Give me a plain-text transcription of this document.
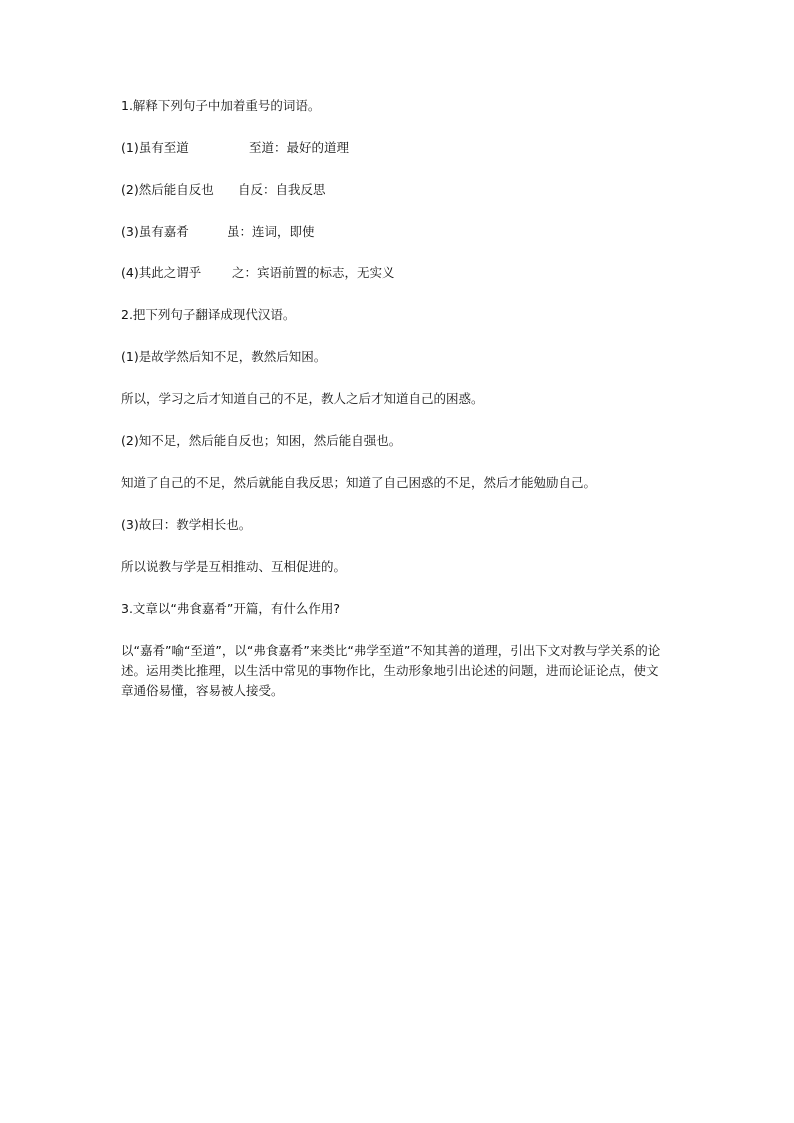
1.解释下列句子中加着重号的词语。

(1)虽有至道	至道：最好的道理
(2)然后能自反也	自反：自我反思
(3)虽有嘉肴	虽：连词，即使
(4)其此之谓乎	之：宾语前置的标志，无实义

2.把下列句子翻译成现代汉语。

(1)是故学然后知不足，教然后知困。

所以，学习之后才知道自己的不足，教人之后才知道自己的困惑。

(2)知不足，然后能自反也；知困，然后能自强也。

知道了自己的不足，然后就能自我反思；知道了自己困惑的不足，然后才能勉励自己。

(3)故曰：教学相长也。

所以说教与学是互相推动、互相促进的。

3.文章以“弗食嘉肴”开篇，有什么作用?

以“嘉肴”喻“至道”，以“弗食嘉肴”来类比“弗学至道”不知其善的道理，引出下文对教与学关系的论述。运用类比推理，以生活中常见的事物作比，生动形象地引出论述的问题，进而论证论点，使文章通俗易懂，容易被人接受。
